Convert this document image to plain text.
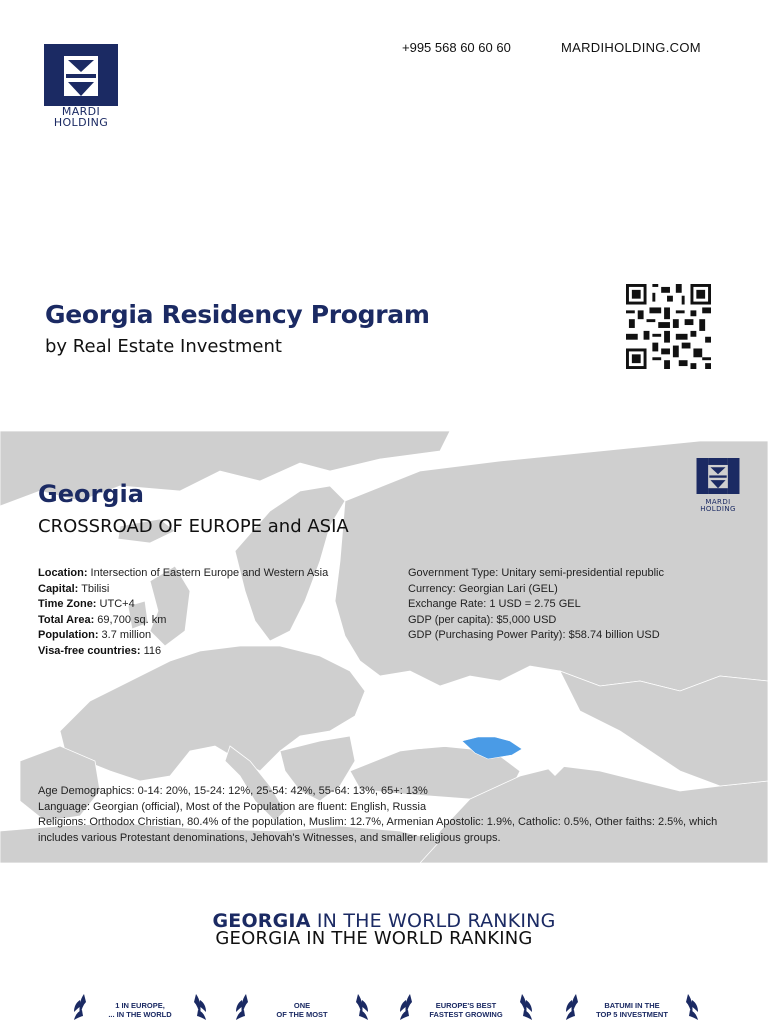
MARDI
HOLDING
+995 568 60 60 60	MARDIHOLDING.COM
Georgia Residency Program
by Real Estate Investment
Georgia
CROSSROAD OF EUROPE and ASIA
MARDI
HOLDING
Location: Intersection of Eastern Europe and Western Asia
Capital: Tbilisi
Time Zone: UTC+4
Total Area: 69,700 sq. km
Population: 3.7 million
Visa-free countries: 116
Government Type: Unitary semi-presidential republic
Currency: Georgian Lari (GEL)
Exchange Rate: 1 USD = 2.75 GEL
GDP (per capita): $5,000 USD
GDP (Purchasing Power Parity): $58.74 billion USD
Age Demographics: 0-14: 20%, 15-24: 12%, 25-54: 42%, 55-64: 13%, 65+: 13%
Language: Georgian (official), Most of the Population are fluent: English, Russia
Religions: Orthodox Christian, 80.4% of the population, Muslim: 12.7%, Armenian Apostolic: 1.9%, Catholic: 0.5%, Other faiths: 2.5%, which includes various Protestant denominations, Jehovah's Witnesses, and smaller religious groups.
GEORGIA IN THE WORLD RANKING
GEORGIA IN THE WORLD RANKING
1 IN EUROPE,
... IN THE WORLD
ONE
OF THE MOST
EUROPE'S BEST
FASTEST GROWING
BATUMI IN THE
TOP 5 INVESTMENT
